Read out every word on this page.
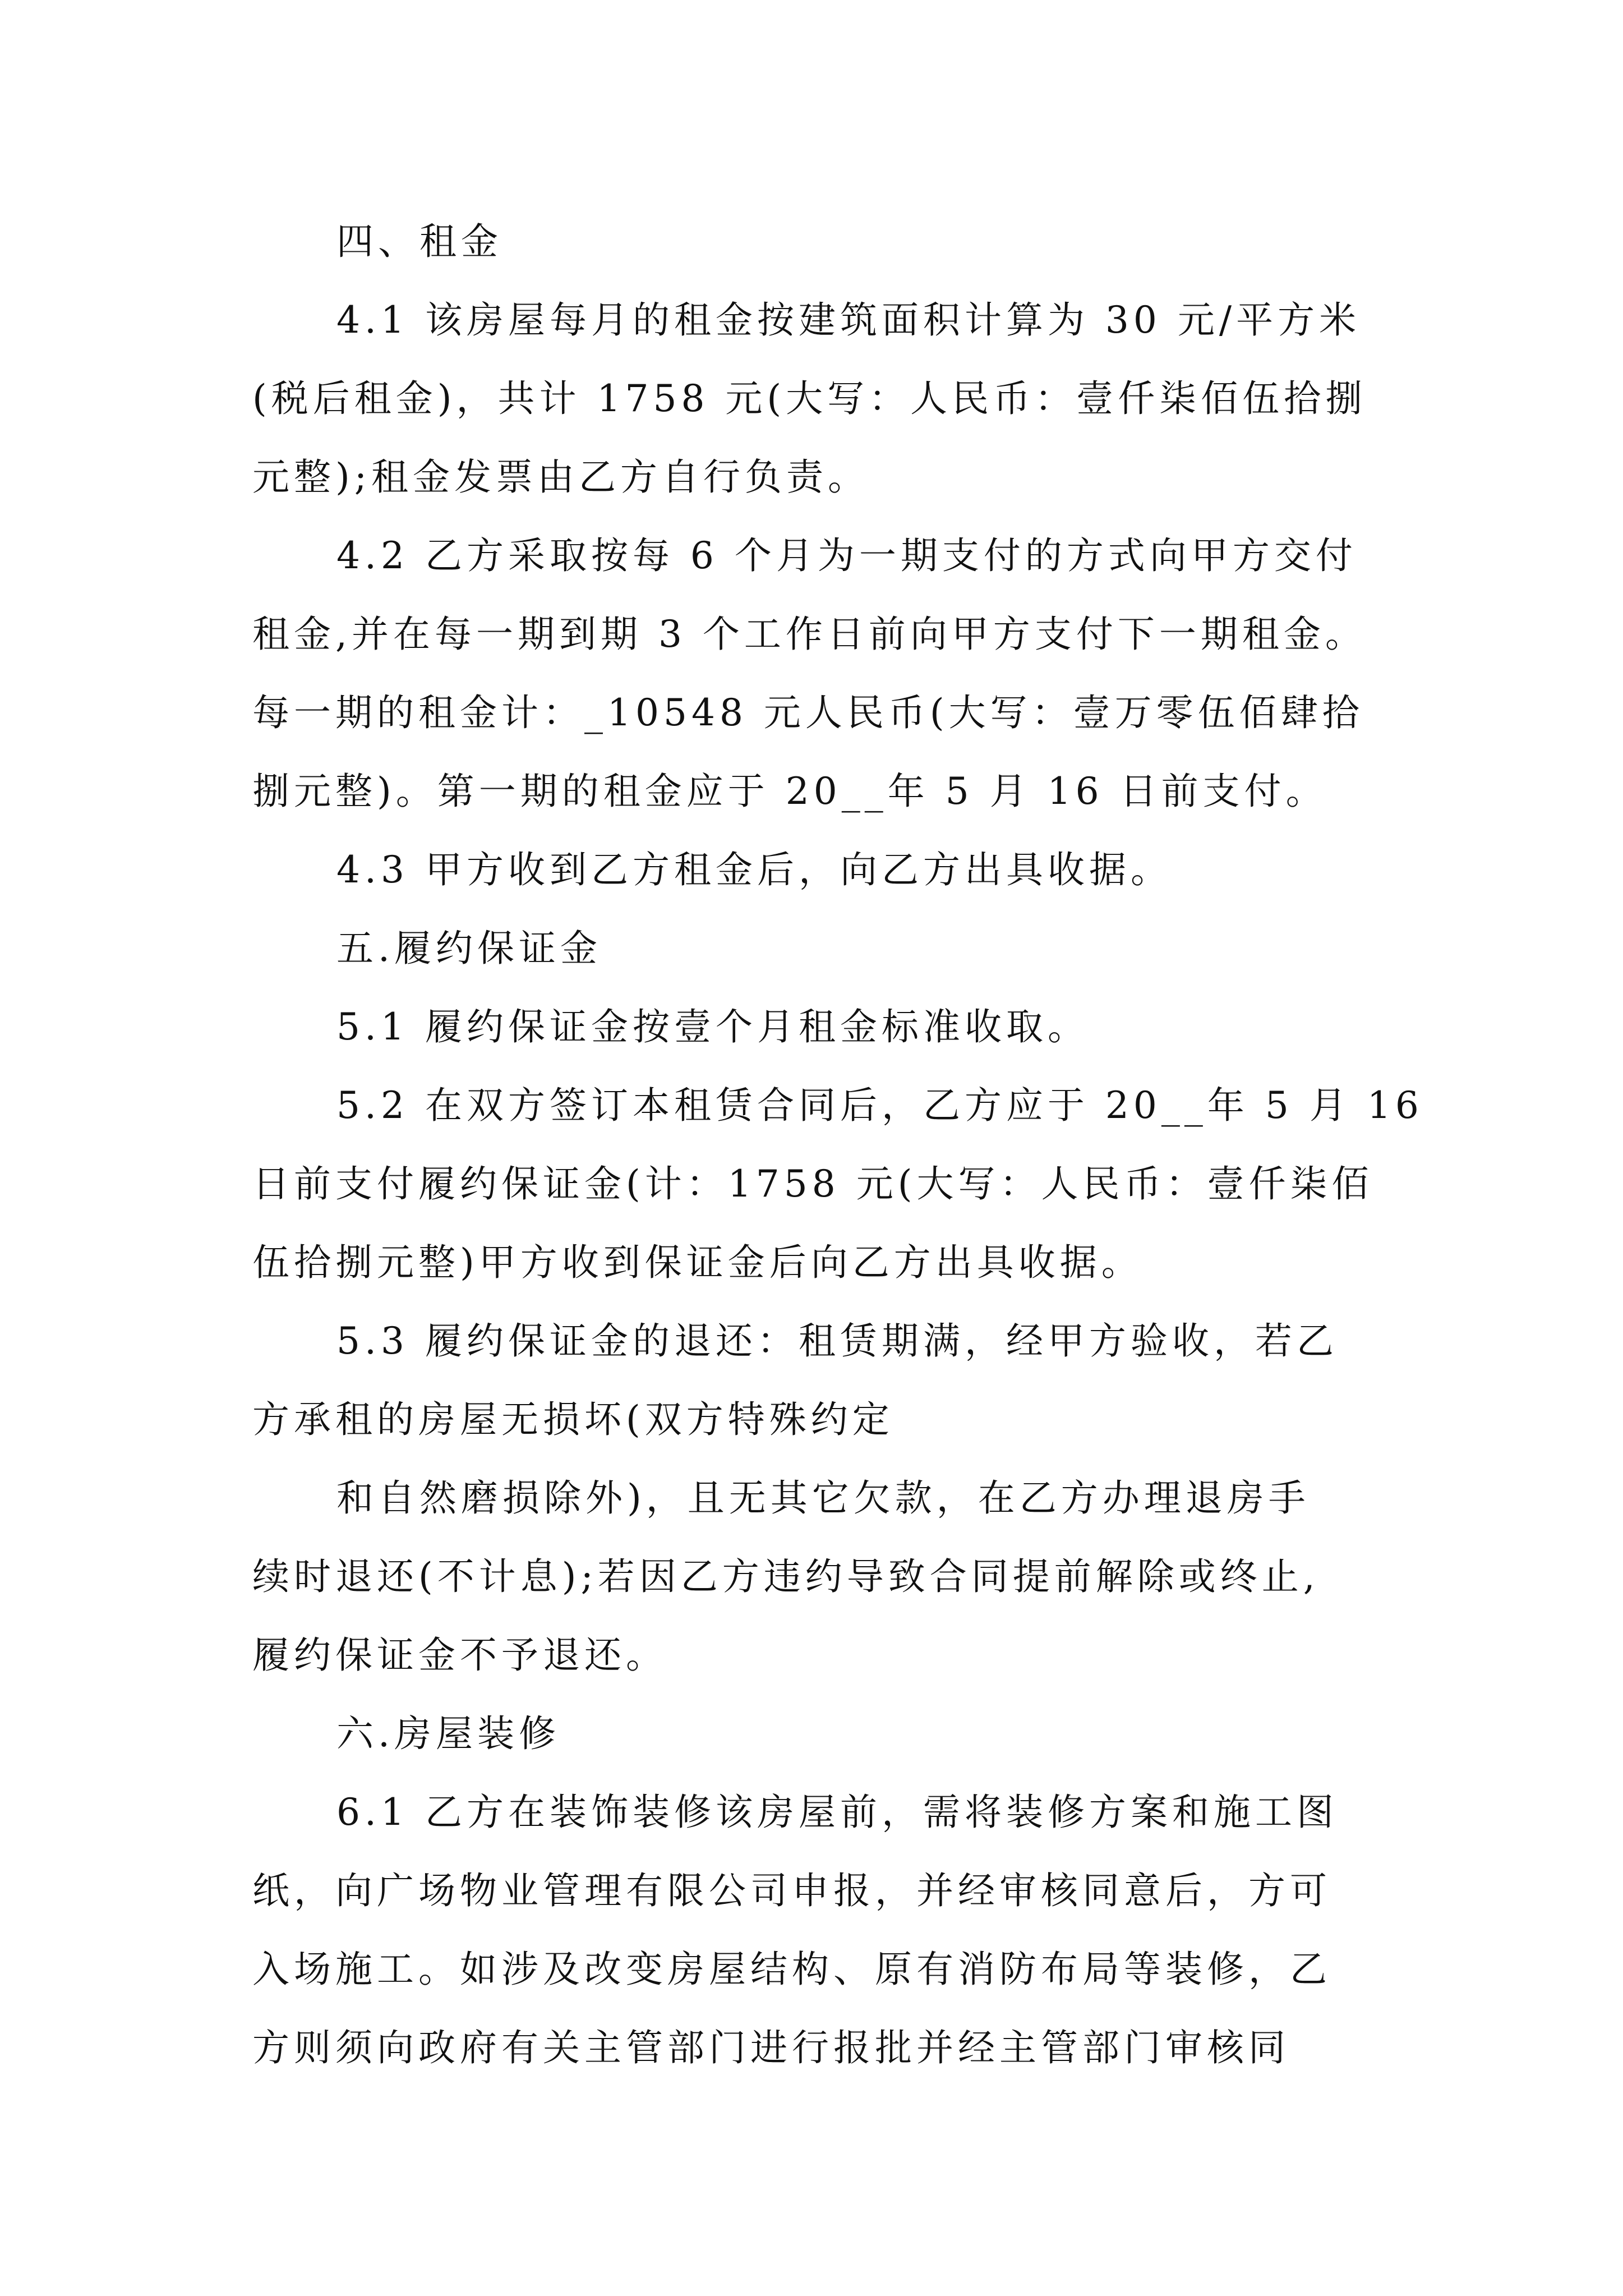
四、租金
4.1 该房屋每月的租金按建筑面积计算为 30 元/平方米
(税后租金)，共计 1758 元(大写：人民币：壹仟柒佰伍拾捌
元整);租金发票由乙方自行负责。
4.2 乙方采取按每 6 个月为一期支付的方式向甲方交付
租金,并在每一期到期 3 个工作日前向甲方支付下一期租金。
每一期的租金计：_10548 元人民币(大写：壹万零伍佰肆拾
捌元整)。第一期的租金应于 20__年 5 月 16 日前支付。
4.3 甲方收到乙方租金后，向乙方出具收据。
五.履约保证金
5.1 履约保证金按壹个月租金标准收取。
5.2 在双方签订本租赁合同后，乙方应于 20__年 5 月 16
日前支付履约保证金(计：1758 元(大写：人民币：壹仟柒佰
伍拾捌元整)甲方收到保证金后向乙方出具收据。
5.3 履约保证金的退还：租赁期满，经甲方验收，若乙
方承租的房屋无损坏(双方特殊约定
和自然磨损除外)，且无其它欠款，在乙方办理退房手
续时退还(不计息);若因乙方违约导致合同提前解除或终止,
履约保证金不予退还。
六.房屋装修
6.1 乙方在装饰装修该房屋前，需将装修方案和施工图
纸，向广场物业管理有限公司申报，并经审核同意后，方可
入场施工。如涉及改变房屋结构、原有消防布局等装修，乙
方则须向政府有关主管部门进行报批并经主管部门审核同
